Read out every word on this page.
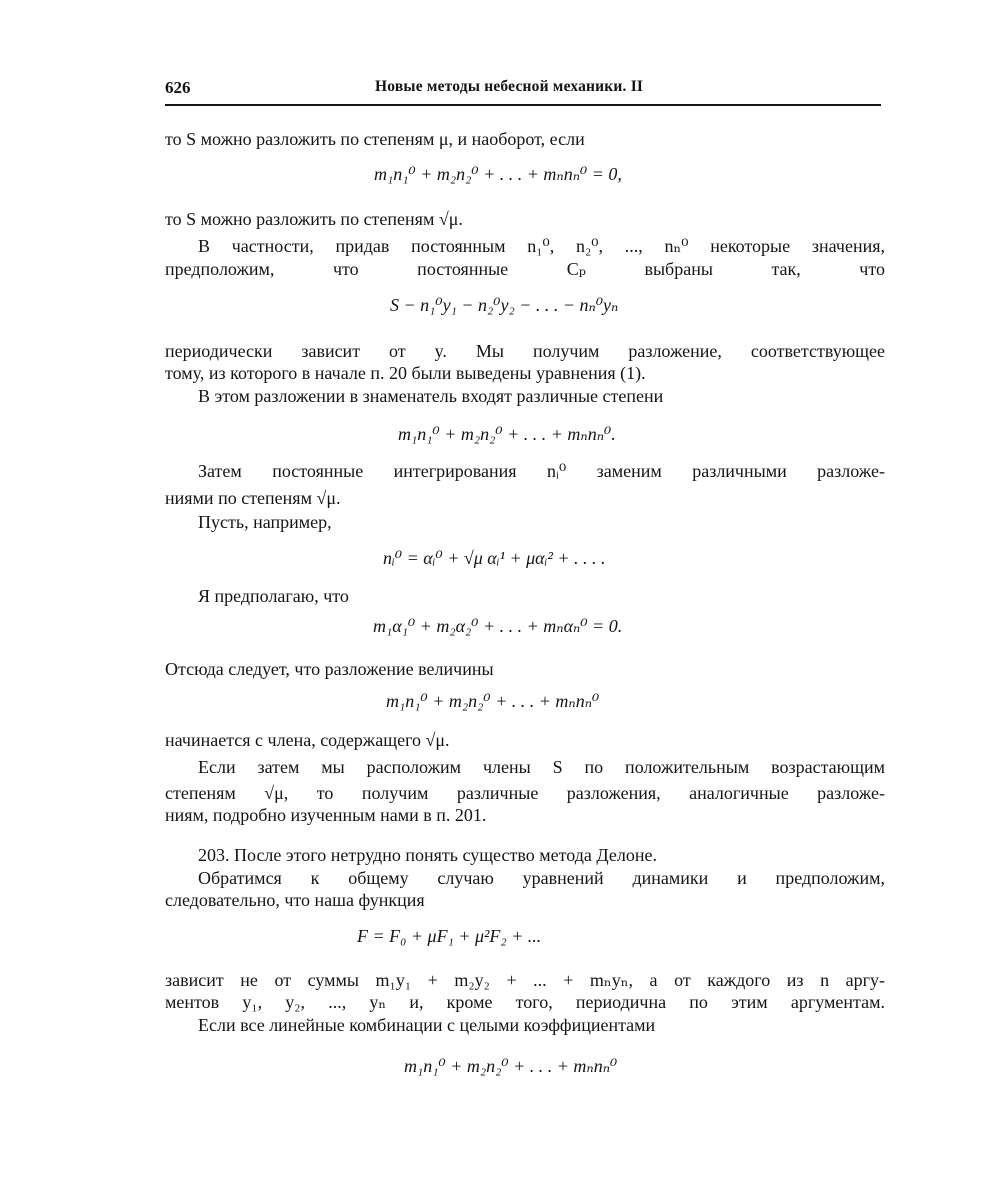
626	Новые методы небесной механики. II
то S можно разложить по степеням μ, и наоборот, если
m₁n₁⁰ + m₂n₂⁰ + . . . + mₙnₙ⁰ = 0,
то S можно разложить по степеням √μ.
В частности, придав постоянным n₁⁰, n₂⁰, ..., nₙ⁰ некоторые значения,
предположим, что постоянные Cₚ выбраны так, что
S − n₁⁰y₁ − n₂⁰y₂ − . . . − nₙ⁰yₙ
периодически зависит от y. Мы получим разложение, соответствующее
тому, из которого в начале п. 20 были выведены уравнения (1).
В этом разложении в знаменатель входят различные степени
m₁n₁⁰ + m₂n₂⁰ + . . . + mₙnₙ⁰.
Затем постоянные интегрирования nᵢ⁰ заменим различными разложе-
ниями по степеням √μ.
Пусть, например,
nᵢ⁰ = αᵢ⁰ + √μ αᵢ¹ + μαᵢ² + . . . .
Я предполагаю, что
m₁α₁⁰ + m₂α₂⁰ + . . . + mₙαₙ⁰ = 0.
Отсюда следует, что разложение величины
m₁n₁⁰ + m₂n₂⁰ + . . . + mₙnₙ⁰
начинается с члена, содержащего √μ.
Если затем мы расположим члены S по положительным возрастающим
степеням √μ, то получим различные разложения, аналогичные разложе-
ниям, подробно изученным нами в п. 201.
203. После этого нетрудно понять существо метода Делоне.
Обратимся к общему случаю уравнений динамики и предположим,
следовательно, что наша функция
F = F₀ + μF₁ + μ²F₂ + ...
зависит не от суммы m₁y₁ + m₂y₂ + ... + mₙyₙ, а от каждого из n аргу-
ментов y₁, y₂, ..., yₙ и, кроме того, периодична по этим аргументам.
Если все линейные комбинации с целыми коэффициентами
m₁n₁⁰ + m₂n₂⁰ + . . . + mₙnₙ⁰
